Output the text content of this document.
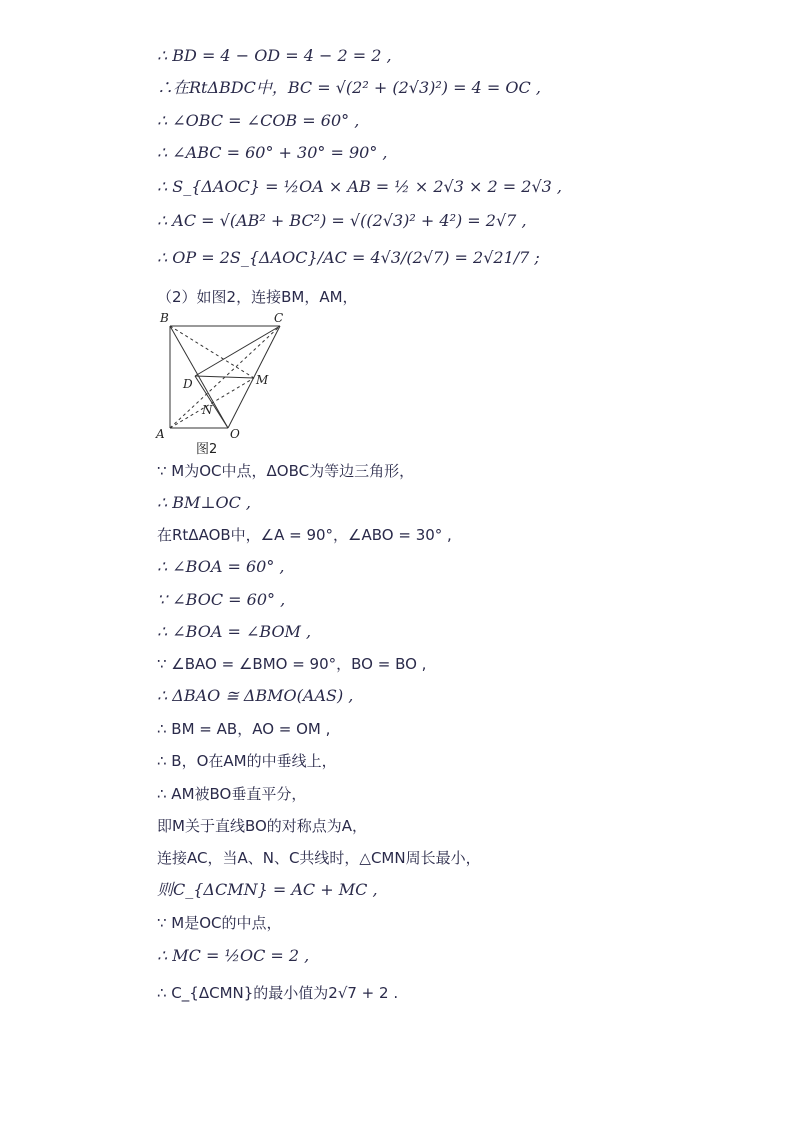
∴ BD = 4 − OD = 4 − 2 = 2 ,
∴在RtΔBDC中，BC = √(2² + (2√3)²) = 4 = OC ,
∴ ∠OBC = ∠COB = 60° ,
∴ ∠ABC = 60° + 30° = 90° ,
∴ S_{ΔAOC} = ½OA × AB = ½ × 2√3 × 2 = 2√3 ,
∴ AC = √(AB² + BC²) = √((2√3)² + 4²) = 2√7 ,
∴ OP = 2S_{ΔAOC}/AC = 4√3/(2√7) = 2√21/7 ;
（2）如图2，连接BM，AM，
B	C
D	M
N
A	O
图2
∵ M为OC中点，ΔOBC为等边三角形，
∴ BM⊥OC ,
在RtΔAOB中，∠A = 90°，∠ABO = 30° ,
∴ ∠BOA = 60° ,
∵ ∠BOC = 60° ,
∴ ∠BOA = ∠BOM ,
∵ ∠BAO = ∠BMO = 90°，BO = BO ,
∴ ΔBAO ≅ ΔBMO(AAS) ,
∴ BM = AB，AO = OM ,
∴ B，O在AM的中垂线上，
∴ AM被BO垂直平分，
即M关于直线BO的对称点为A，
连接AC，当A、N、C共线时，△CMN周长最小，
则C_{ΔCMN} = AC + MC ,
∵ M是OC的中点，
∴ MC = ½OC = 2 ,
∴ C_{ΔCMN}的最小值为2√7 + 2 .
